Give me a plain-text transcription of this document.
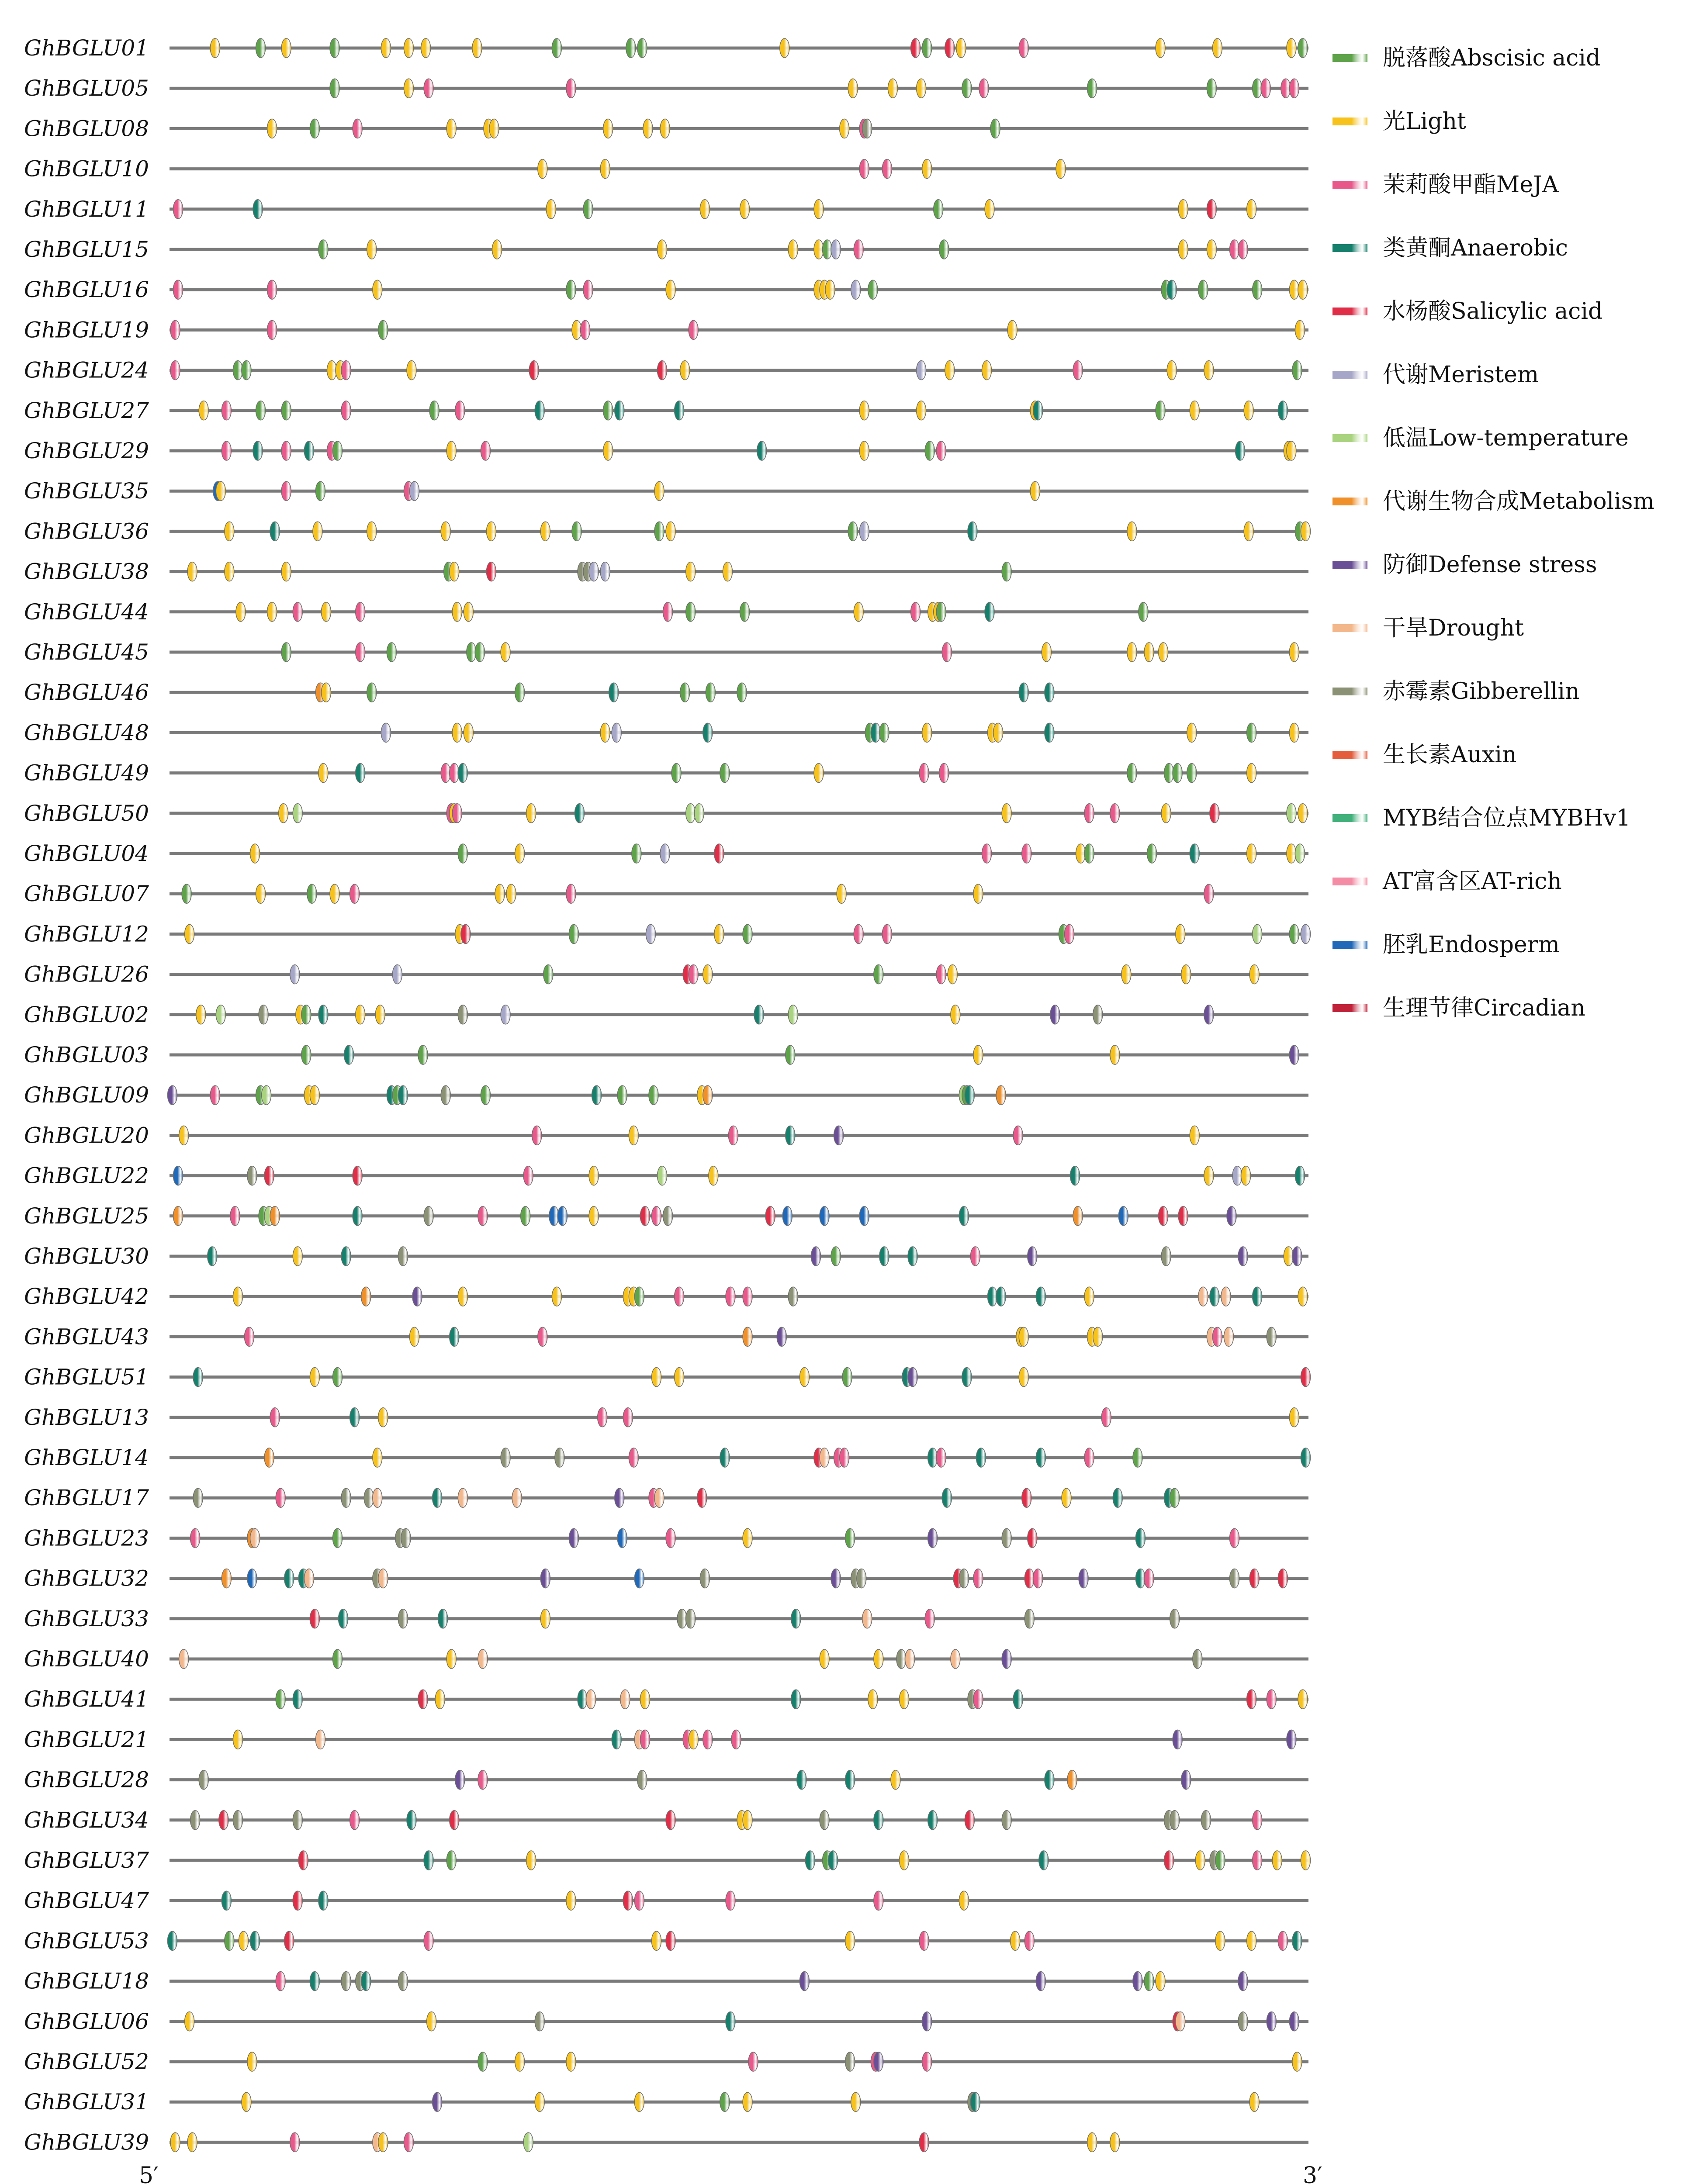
GhBGLU01
GhBGLU05
GhBGLU08
GhBGLU10
GhBGLU11
GhBGLU15
GhBGLU16
GhBGLU19
GhBGLU24
GhBGLU27
GhBGLU29
GhBGLU35
GhBGLU36
GhBGLU38
GhBGLU44
GhBGLU45
GhBGLU46
GhBGLU48
GhBGLU49
GhBGLU50
GhBGLU04
GhBGLU07
GhBGLU12
GhBGLU26
GhBGLU02
GhBGLU03
GhBGLU09
GhBGLU20
GhBGLU22
GhBGLU25
GhBGLU30
GhBGLU42
GhBGLU43
GhBGLU51
GhBGLU13
GhBGLU14
GhBGLU17
GhBGLU23
GhBGLU32
GhBGLU33
GhBGLU40
GhBGLU41
GhBGLU21
GhBGLU28
GhBGLU34
GhBGLU37
GhBGLU47
GhBGLU53
GhBGLU18
GhBGLU06
GhBGLU52
GhBGLU31
GhBGLU39
5′	3′
脱落酸Abscisic acid
光Light
茉莉酸甲酯MeJA
类黄酮Anaerobic
水杨酸Salicylic acid
代谢Meristem
低温Low-temperature
代谢生物合成Metabolism
防御Defense stress
干旱Drought
赤霉素Gibberellin
生长素Auxin
MYB结合位点MYBHv1
AT富含区AT-rich
胚乳Endosperm
生理节律Circadian
